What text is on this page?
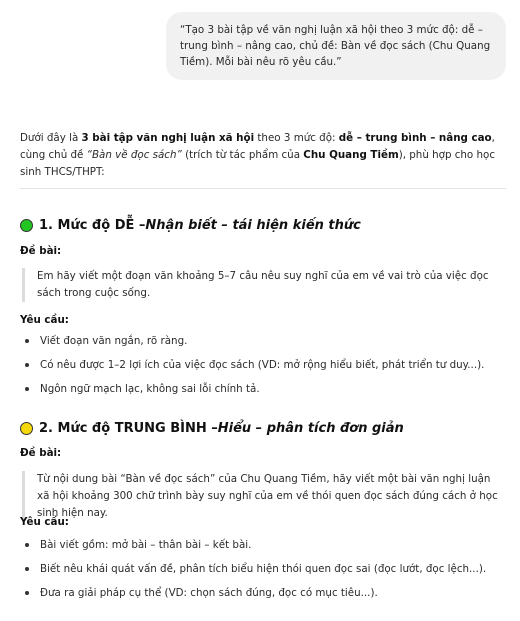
“Tạo 3 bài tập về văn nghị luận xã hội theo 3 mức độ: dễ – trung bình – nâng cao, chủ đề: Bàn về đọc sách (Chu Quang Tiềm). Mỗi bài nêu rõ yêu cầu.”
Dưới đây là 3 bài tập văn nghị luận xã hội theo 3 mức độ: dễ – trung bình – nâng cao, cùng chủ đề “Bàn về đọc sách” (trích từ tác phẩm của Chu Quang Tiềm), phù hợp cho học sinh THCS/THPT:
1. Mức độ DỄ – Nhận biết – tái hiện kiến thức
Đề bài:
Em hãy viết một đoạn văn khoảng 5–7 câu nêu suy nghĩ của em về vai trò của việc đọc sách trong cuộc sống.
Yêu cầu:
Viết đoạn văn ngắn, rõ ràng.
Có nêu được 1–2 lợi ích của việc đọc sách (VD: mở rộng hiểu biết, phát triển tư duy...).
Ngôn ngữ mạch lạc, không sai lỗi chính tả.
2. Mức độ TRUNG BÌNH – Hiểu – phân tích đơn giản
Đề bài:
Từ nội dung bài “Bàn về đọc sách” của Chu Quang Tiềm, hãy viết một bài văn nghị luận xã hội khoảng 300 chữ trình bày suy nghĩ của em về thói quen đọc sách đúng cách ở học sinh hiện nay.
Yêu cầu:
Bài viết gồm: mở bài – thân bài – kết bài.
Biết nêu khái quát vấn đề, phân tích biểu hiện thói quen đọc sai (đọc lướt, đọc lệch...).
Đưa ra giải pháp cụ thể (VD: chọn sách đúng, đọc có mục tiêu...).
